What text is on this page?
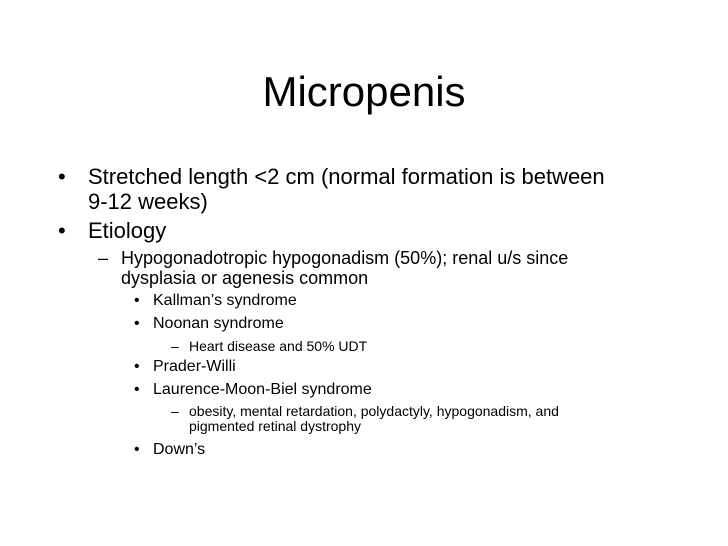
Micropenis
• Stretched length <2 cm (normal formation is between
9-12 weeks)
• Etiology
– Hypogonadotropic hypogonadism (50%); renal u/s since
dysplasia or agenesis common
• Kallman’s syndrome
• Noonan syndrome
– Heart disease and 50% UDT
• Prader-Willi
• Laurence-Moon-Biel syndrome
– obesity, mental retardation, polydactyly, hypogonadism, and
pigmented retinal dystrophy
• Down’s
